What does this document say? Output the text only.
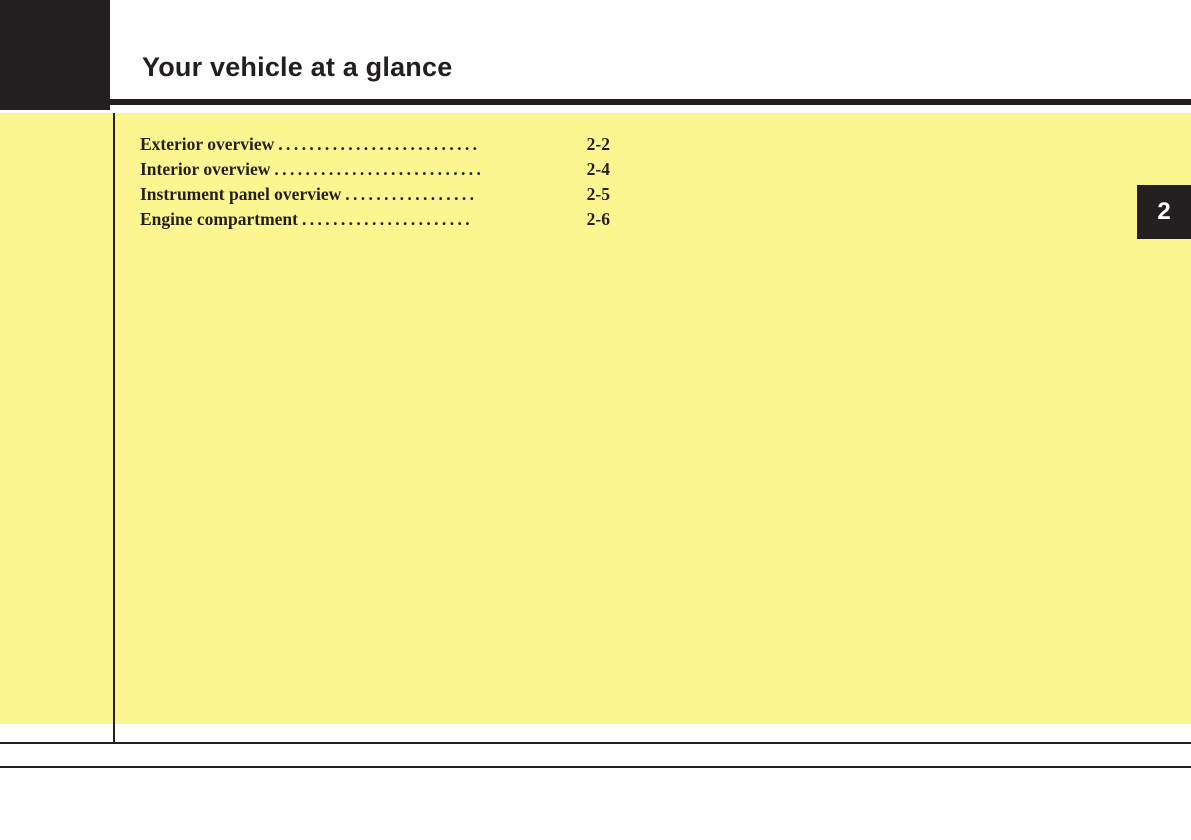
Your vehicle at a glance
2
Exterior overview ..........................	2-2
Interior overview ...........................	2-4
Instrument panel overview .................	2-5
Engine compartment ......................	2-6
